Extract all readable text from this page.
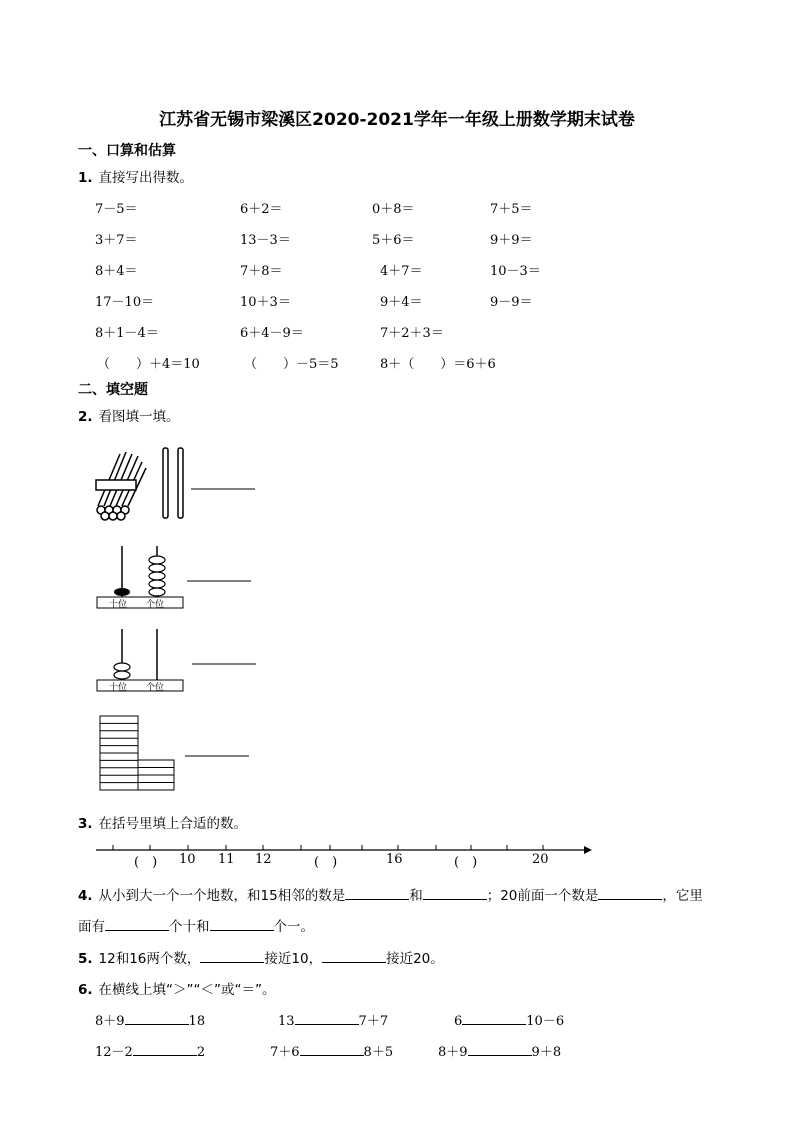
江苏省无锡市梁溪区2020-2021学年一年级上册数学期末试卷
一、口算和估算
1. 直接写出得数。
7－5＝	6＋2＝	0＋8＝	7＋5＝
3＋7＝	13－3＝	5＋6＝	9＋9＝
8＋4＝	7＋8＝	4＋7＝	10－3＝
17－10＝	10＋3＝	9＋4＝	9－9＝
8＋1－4＝	6＋4－9＝	7＋2＋3＝
（　　）＋4＝10	（　　）－5＝5	8＋（　　）＝6＋6
二、填空题
2. 看图填一填。
十位 个位
十位 个位
3. 在括号里填上合适的数。
(　) 10 11 12	(　)	16	(　)	20
4. 从小到大一个一个地数，和15相邻的数是	和	；20前面一个数是	，它里
面有	个十和	个一。
5. 12和16两个数，	接近10，	接近20。
6. 在横线上填“＞”“＜”或“＝”。
8＋9	18	13	7＋7	6	10－6
12－2	2	7＋6	8＋5	8＋9	9＋8
